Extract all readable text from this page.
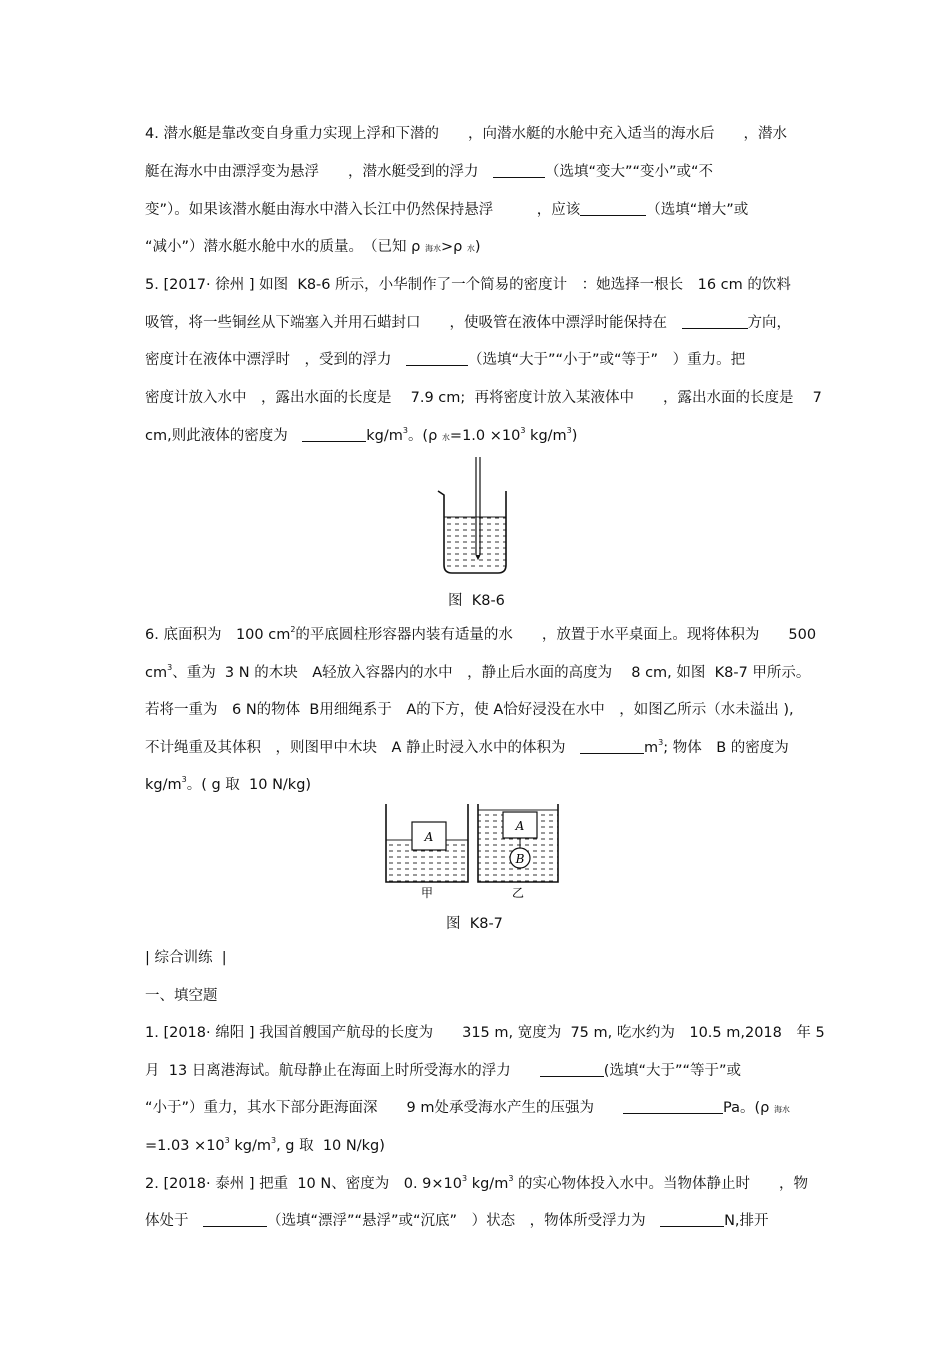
4. 潜水艇是靠改变自身重力实现上浮和下潜的　　，向潜水艇的水舱中充入适当的海水后　　，潜水
艇在海水中由漂浮变为悬浮　　，潜水艇受到的浮力　	（选填“变大”“变小”或“不
变”）。如果该潜水艇由海水中潜入长江中仍然保持悬浮　　　，应该	（选填“增大”或
“减小”）潜水艇水舱中水的质量。　（已知 ρ 海水>ρ 水)
5. [2017· 徐州 ] 如图  K8-6 所示，小华制作了一个简易的密度计　：她选择一根长　16 cm 的饮料
吸管，将一些铜丝从下端塞入并用石蜡封口　　，使吸管在液体中漂浮时能保持在　	方向，
密度计在液体中漂浮时　，受到的浮力　	（选填“大于”“小于”或“等于”　）重力。把
密度计放入水中　，露出水面的长度是　 7.9 cm;  再将密度计放入某液体中　　，露出水面的长度是　 7
cm,则此液体的密度为　	$kg/m^3$。(ρ 水$=1.0 \times 10^3$ $kg/m^3$)
图  K8-6
6. 底面积为　100 $cm^2$的平底圆柱形容器内装有适量的水　　，放置于水平桌面上。现将体积为　　500
$cm^3$、重为  3 N 的木块　A轻放入容器内的水中　，静止后水面的高度为　 8 cm, 如图  K8-7 甲所示。
若将一重为　6 N的物体  B用细绳系于　A的下方，使 A恰好浸没在水中　，如图乙所示（水未溢出 ),
不计绳重及其体积　，则图甲中木块　A 静止时浸入水中的体积为　	$m^3$; 物体　B 的密度为
$kg/m^3$。( g 取  10 N/kg)
A
A
B
甲	乙
图  K8-7
| 综合训练  |
一、填空题
1. [2018· 绵阳 ] 我国首艘国产航母的长度为　　315 m, 宽度为  75 m, 吃水约为　10.5 m,2018　年 5
月  13 日离港海试。航母静止在海面上时所受海水的浮力　　	(选填“大于”“等于”或
“小于”）重力，其水下部分距海面深　　9 m处承受海水产生的压强为　　	Pa。(ρ 海水
$=1.03 \times 10^3$ $kg/m^3$, g 取  10 N/kg)
2. [2018· 泰州 ] 把重  10 N、密度为　0. $9\times 10^3$ $kg/m^3$ 的实心物体投入水中。当物体静止时　　，物
体处于　	（选填“漂浮”“悬浮”或“沉底”　）状态　，物体所受浮力为　	N,排开
